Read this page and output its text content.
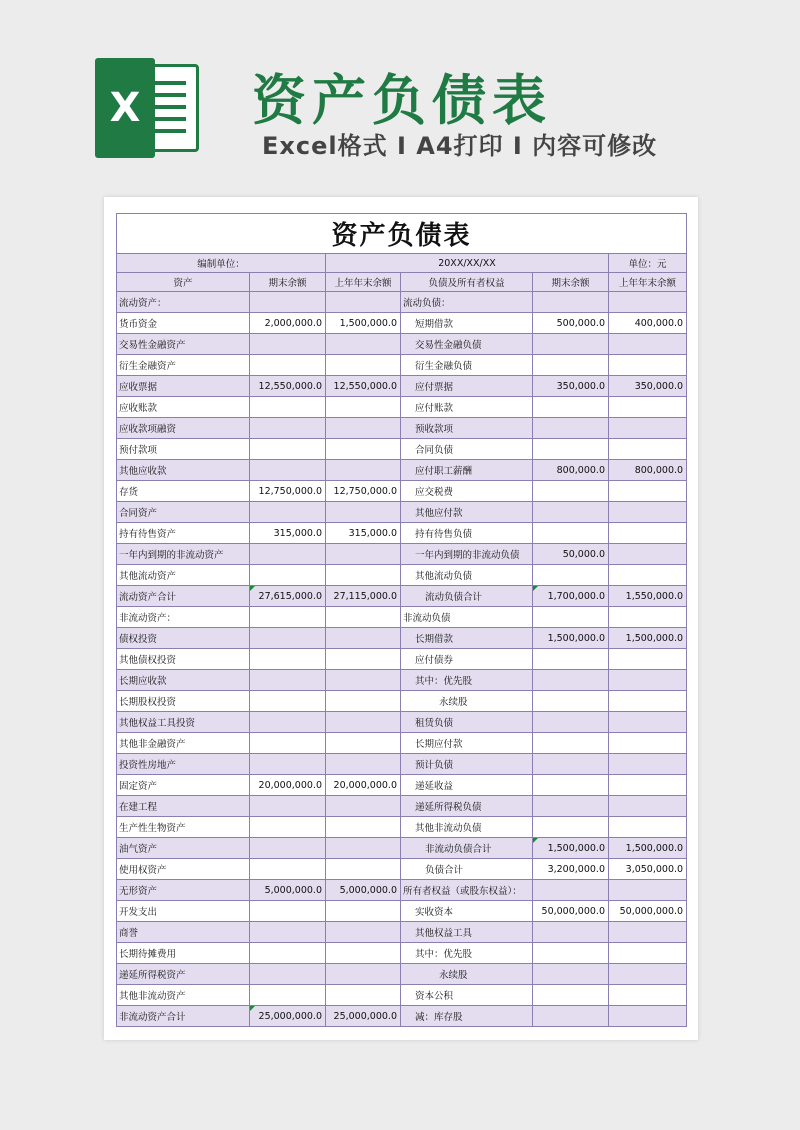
X 资产负债表
Excel格式 I A4打印 I 内容可修改
资产负债表					
编制单位：		20XX/XX/XX			单位：元
资产	期末余额	上年年末余额	负债及所有者权益	期末余额	上年年末余额
流动资产：			流动负债：		
货币资金	2,000,000.0	1,500,000.0	短期借款	500,000.0	400,000.0
交易性金融资产			交易性金融负债		
衍生金融资产			衍生金融负债		
应收票据	12,550,000.0	12,550,000.0	应付票据	350,000.0	350,000.0
应收账款			应付账款		
应收款项融资			预收款项		
预付款项			合同负债		
其他应收款			应付职工薪酬	800,000.0	800,000.0
存货	12,750,000.0	12,750,000.0	应交税费		
合同资产			其他应付款		
持有待售资产	315,000.0	315,000.0	持有待售负债		
一年内到期的非流动资产			一年内到期的非流动负债	50,000.0	
其他流动资产			其他流动负债		
流动资产合计	27,615,000.0	27,115,000.0	流动负债合计	1,700,000.0	1,550,000.0
非流动资产：			非流动负债		
债权投资			长期借款	1,500,000.0	1,500,000.0
其他债权投资			应付债券		
长期应收款			其中：优先股		
长期股权投资			永续股		
其他权益工具投资			租赁负债		
其他非金融资产			长期应付款		
投资性房地产			预计负债		
固定资产	20,000,000.0	20,000,000.0	递延收益		
在建工程			递延所得税负债		
生产性生物资产			其他非流动负债		
油气资产			非流动负债合计	1,500,000.0	1,500,000.0
使用权资产			负债合计	3,200,000.0	3,050,000.0
无形资产	5,000,000.0	5,000,000.0	所有者权益（或股东权益）：		
开发支出			实收资本	50,000,000.0	50,000,000.0
商誉			其他权益工具		
长期待摊费用			其中：优先股		
递延所得税资产			永续股		
其他非流动资产			资本公积		
非流动资产合计	25,000,000.0	25,000,000.0	减：库存股		
